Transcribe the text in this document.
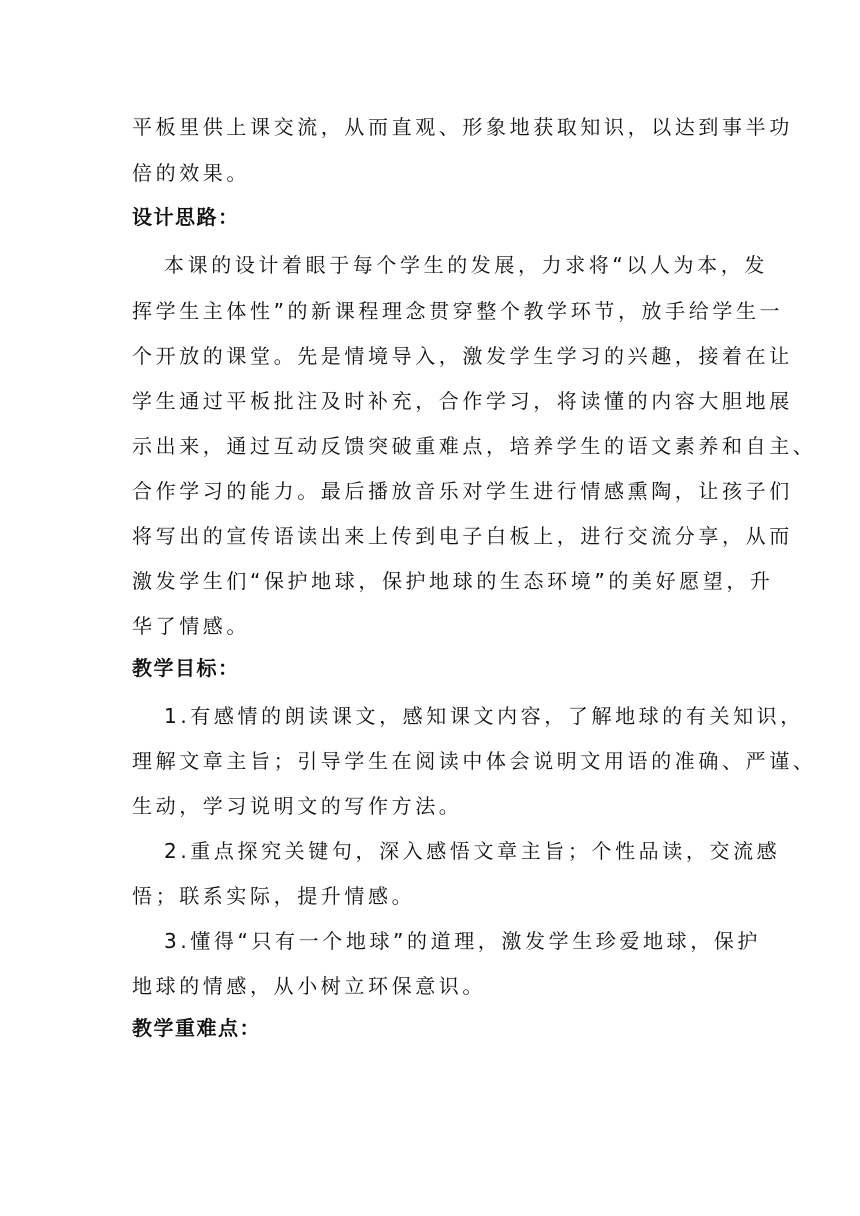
平板里供上课交流，从而直观、形象地获取知识，以达到事半功
倍的效果。
设计思路：
本课的设计着眼于每个学生的发展，力求将“以人为本，发
挥学生主体性”的新课程理念贯穿整个教学环节，放手给学生一
个开放的课堂。先是情境导入，激发学生学习的兴趣，接着在让
学生通过平板批注及时补充，合作学习，将读懂的内容大胆地展
示出来，通过互动反馈突破重难点，培养学生的语文素养和自主、
合作学习的能力。最后播放音乐对学生进行情感熏陶，让孩子们
将写出的宣传语读出来上传到电子白板上，进行交流分享，从而
激发学生们“保护地球，保护地球的生态环境”的美好愿望，升
华了情感。
教学目标：
1.有感情的朗读课文，感知课文内容，了解地球的有关知识，
理解文章主旨；引导学生在阅读中体会说明文用语的准确、严谨、
生动，学习说明文的写作方法。
2.重点探究关键句，深入感悟文章主旨；个性品读，交流感
悟；联系实际，提升情感。
3.懂得“只有一个地球”的道理，激发学生珍爱地球，保护
地球的情感，从小树立环保意识。
教学重难点：
